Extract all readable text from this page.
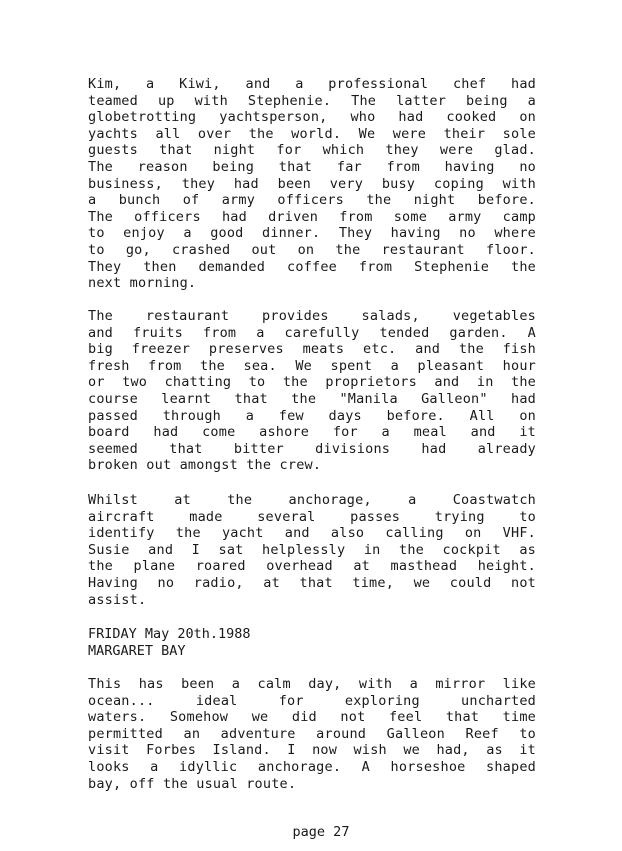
Kim, a Kiwi, and a professional chef had
teamed up with Stephenie. The latter being a
globetrotting yachtsperson, who had cooked on
yachts all over the world. We were their sole
guests that night for which they were glad.
The reason being that far from having no
business, they had been very busy coping with
a bunch of army officers the night before.
The officers had driven from some army camp
to enjoy a good dinner. They having no where
to go, crashed out on the restaurant floor.
They then demanded coffee from Stephenie the
next morning.
The restaurant provides salads, vegetables
and fruits from a carefully tended garden. A
big freezer preserves meats etc. and the fish
fresh from the sea. We spent a pleasant hour
or two chatting to the proprietors and in the
course learnt that the "Manila Galleon" had
passed through a few days before. All on
board had come ashore for a meal and it
seemed that bitter divisions had already
broken out amongst the crew.
Whilst at the anchorage, a Coastwatch
aircraft made several passes trying to
identify the yacht and also calling on VHF.
Susie and I sat helplessly in the cockpit as
the plane roared overhead at masthead height.
Having no radio, at that time, we could not
assist.
FRIDAY May 20th.1988
MARGARET BAY
This has been a calm day, with a mirror like
ocean... ideal for exploring uncharted
waters. Somehow we did not feel that time
permitted an adventure around Galleon Reef to
visit Forbes Island. I now wish we had, as it
looks a idyllic anchorage. A horseshoe shaped
bay, off the usual route.
page 27
